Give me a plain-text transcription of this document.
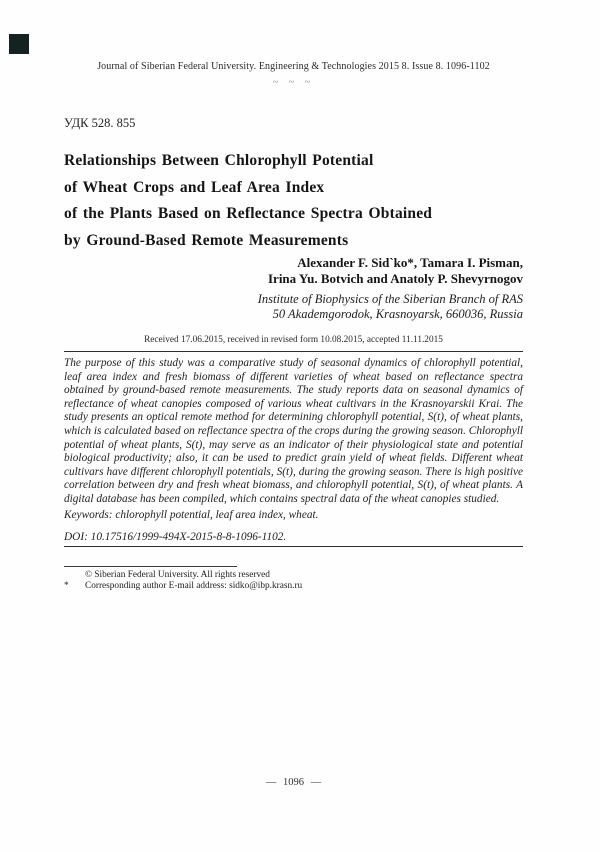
Journal of Siberian Federal University. Engineering & Technologies 2015 8. Issue 8. 1096-1102
~ ~ ~
УДК 528. 855
Relationships Between Chlorophyll Potential
of Wheat Crops and Leaf Area Index
of the Plants Based on Reflectance Spectra Obtained
by Ground-Based Remote Measurements
Alexander F. Sid`ko*, Tamara I. Pisman,
Irina Yu. Botvich and Anatoly P. Shevyrnogov
Institute of Biophysics of the Siberian Branch of RAS
50 Akademgorodok, Krasnoyarsk, 660036, Russia
Received 17.06.2015, received in revised form 10.08.2015, accepted 11.11.2015
The purpose of this study was a comparative study of seasonal dynamics of chlorophyll potential, leaf area index and fresh biomass of different varieties of wheat based on reflectance spectra obtained by ground-based remote measurements. The study reports data on seasonal dynamics of reflectance of wheat canopies composed of various wheat cultivars in the Krasnoyarskii Krai. The study presents an optical remote method for determining chlorophyll potential, S(t), of wheat plants, which is calculated based on reflectance spectra of the crops during the growing season. Chlorophyll potential of wheat plants, S(t), may serve as an indicator of their physiological state and potential biological productivity; also, it can be used to predict grain yield of wheat fields. Different wheat cultivars have different chlorophyll potentials, S(t), during the growing season. There is high positive correlation between dry and fresh wheat biomass, and chlorophyll potential, S(t), of wheat plants. A digital database has been compiled, which contains spectral data of the wheat canopies studied.
Keywords: chlorophyll potential, leaf area index, wheat.
DOI: 10.17516/1999-494X-2015-8-8-1096-1102.
© Siberian Federal University. All rights reserved
* Corresponding author E-mail address: sidko@ibp.krasn.ru
— 1096 —
